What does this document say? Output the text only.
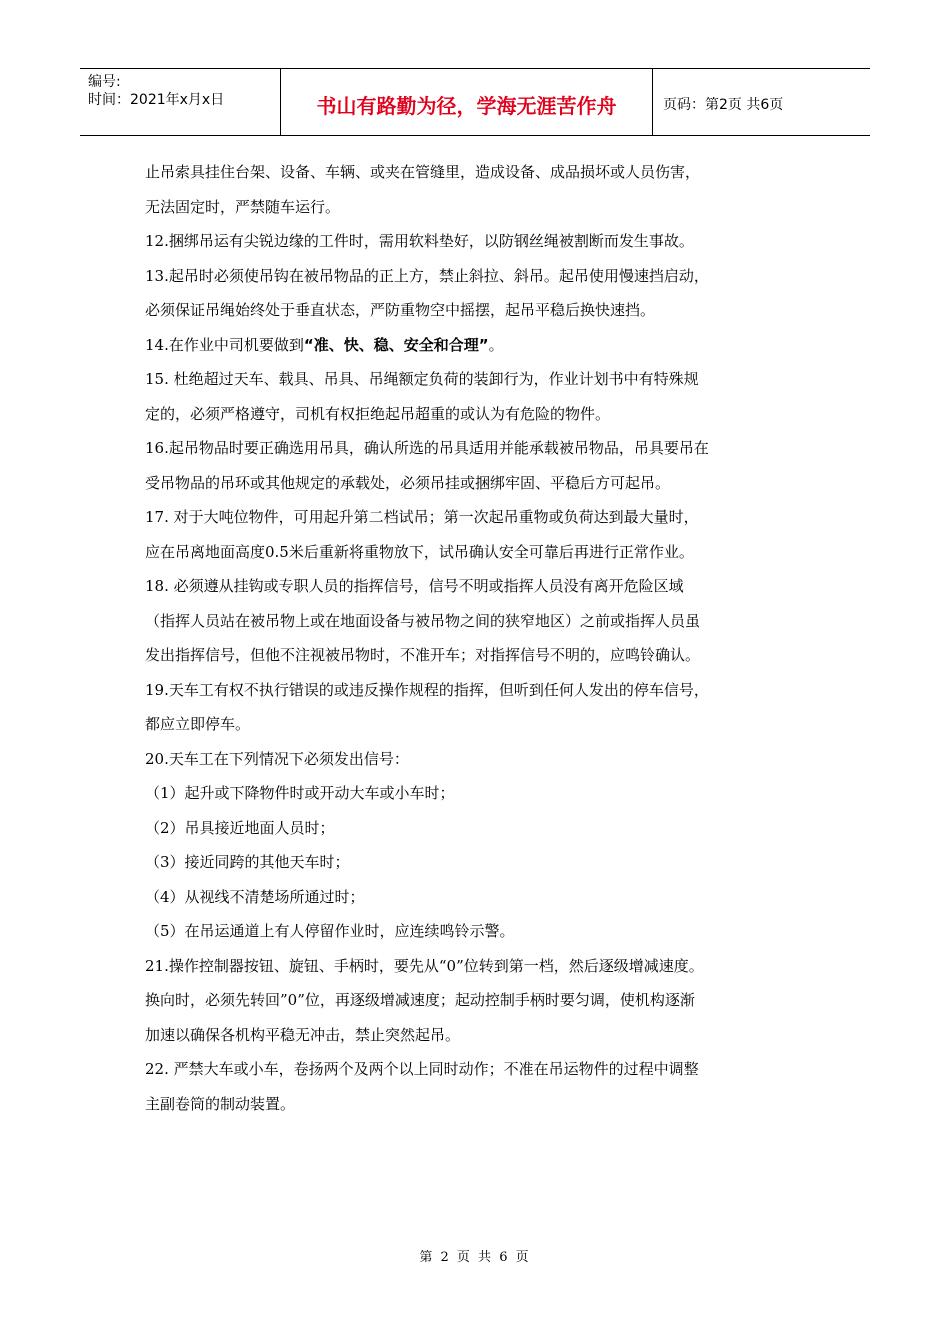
编号:
时间：2021年x月x日	书山有路勤为径，学海无涯苦作舟	页码：第2页 共6页
止吊索具挂住台架、设备、车辆、或夹在管缝里，造成设备、成品损坏或人员伤害，
无法固定时，严禁随车运行。
12.捆绑吊运有尖锐边缘的工件时，需用软料垫好，以防钢丝绳被割断而发生事故。
13.起吊时必须使吊钩在被吊物品的正上方，禁止斜拉、斜吊。起吊使用慢速挡启动，
必须保证吊绳始终处于垂直状态，严防重物空中摇摆，起吊平稳后换快速挡。
14.在作业中司机要做到“准、快、稳、安全和合理”。
15. 杜绝超过天车、载具、吊具、吊绳额定负荷的装卸行为，作业计划书中有特殊规
定的，必须严格遵守，司机有权拒绝起吊超重的或认为有危险的物件。
16.起吊物品时要正确选用吊具，确认所选的吊具适用并能承载被吊物品，吊具要吊在
受吊物品的吊环或其他规定的承载处，必须吊挂或捆绑牢固、平稳后方可起吊。
17. 对于大吨位物件，可用起升第二档试吊；第一次起吊重物或负荷达到最大量时，
应在吊离地面高度0.5米后重新将重物放下，试吊确认安全可靠后再进行正常作业。
18. 必须遵从挂钩或专职人员的指挥信号，信号不明或指挥人员没有离开危险区域
（指挥人员站在被吊物上或在地面设备与被吊物之间的狭窄地区）之前或指挥人员虽
发出指挥信号，但他不注视被吊物时，不准开车；对指挥信号不明的，应鸣铃确认。
19.天车工有权不执行错误的或违反操作规程的指挥，但听到任何人发出的停车信号，
都应立即停车。
20.天车工在下列情况下必须发出信号：
（1）起升或下降物件时或开动大车或小车时；
（2）吊具接近地面人员时；
（3）接近同跨的其他天车时；
（4）从视线不清楚场所通过时；
（5）在吊运通道上有人停留作业时，应连续鸣铃示警。
21.操作控制器按钮、旋钮、手柄时，要先从“0”位转到第一档，然后逐级增减速度。
换向时，必须先转回”0”位，再逐级增减速度；起动控制手柄时要匀调，使机构逐渐
加速以确保各机构平稳无冲击，禁止突然起吊。
22. 严禁大车或小车，卷扬两个及两个以上同时动作；不准在吊运物件的过程中调整
主副卷筒的制动装置。
第 2 页 共 6 页
